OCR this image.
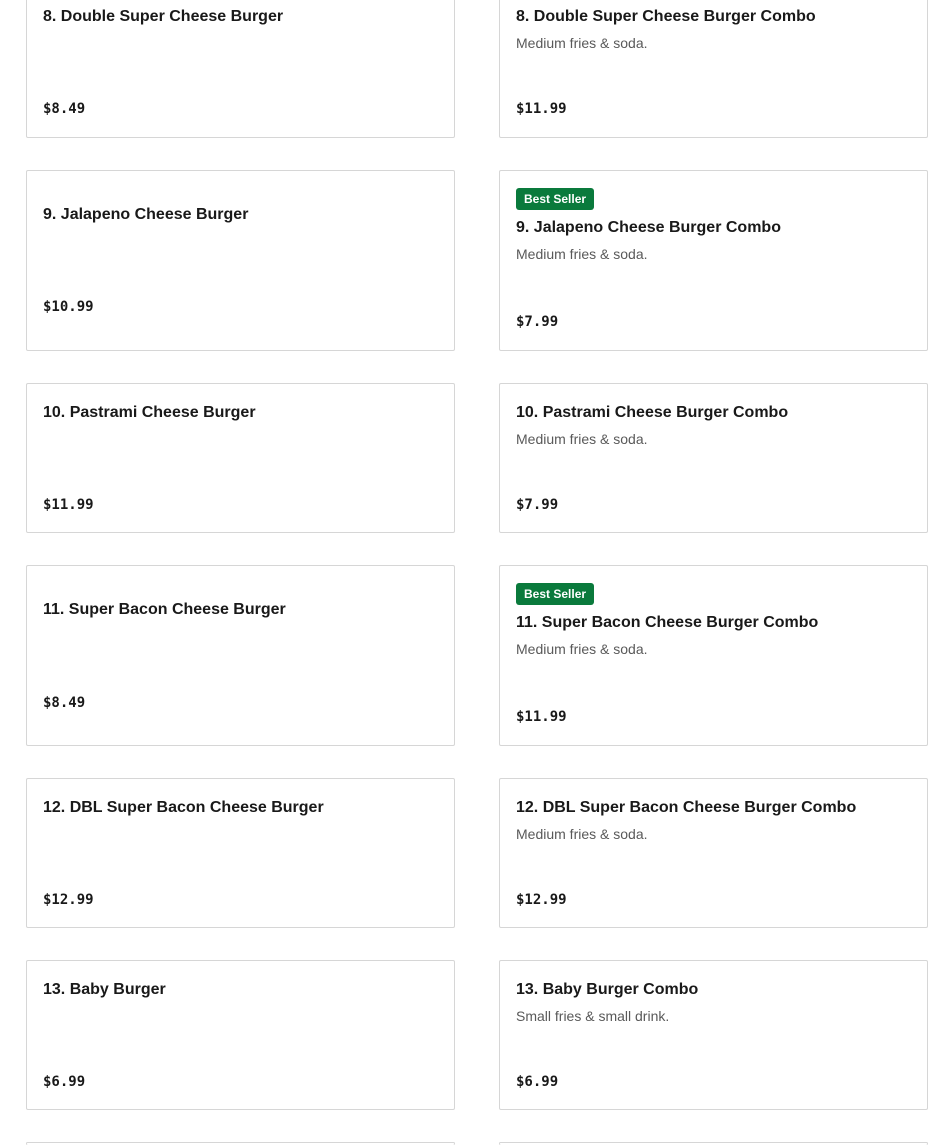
8. Double Super Cheese Burger
$8.49
8. Double Super Cheese Burger Combo
Medium fries & soda.
$11.99
9. Jalapeno Cheese Burger
$10.99
Best Seller
9. Jalapeno Cheese Burger Combo
Medium fries & soda.
$7.99
10. Pastrami Cheese Burger
$11.99
10. Pastrami Cheese Burger Combo
Medium fries & soda.
$7.99
11. Super Bacon Cheese Burger
$8.49
Best Seller
11. Super Bacon Cheese Burger Combo
Medium fries & soda.
$11.99
12. DBL Super Bacon Cheese Burger
$12.99
12. DBL Super Bacon Cheese Burger Combo
Medium fries & soda.
$12.99
13. Baby Burger
$6.99
13. Baby Burger Combo
Small fries & small drink.
$6.99
